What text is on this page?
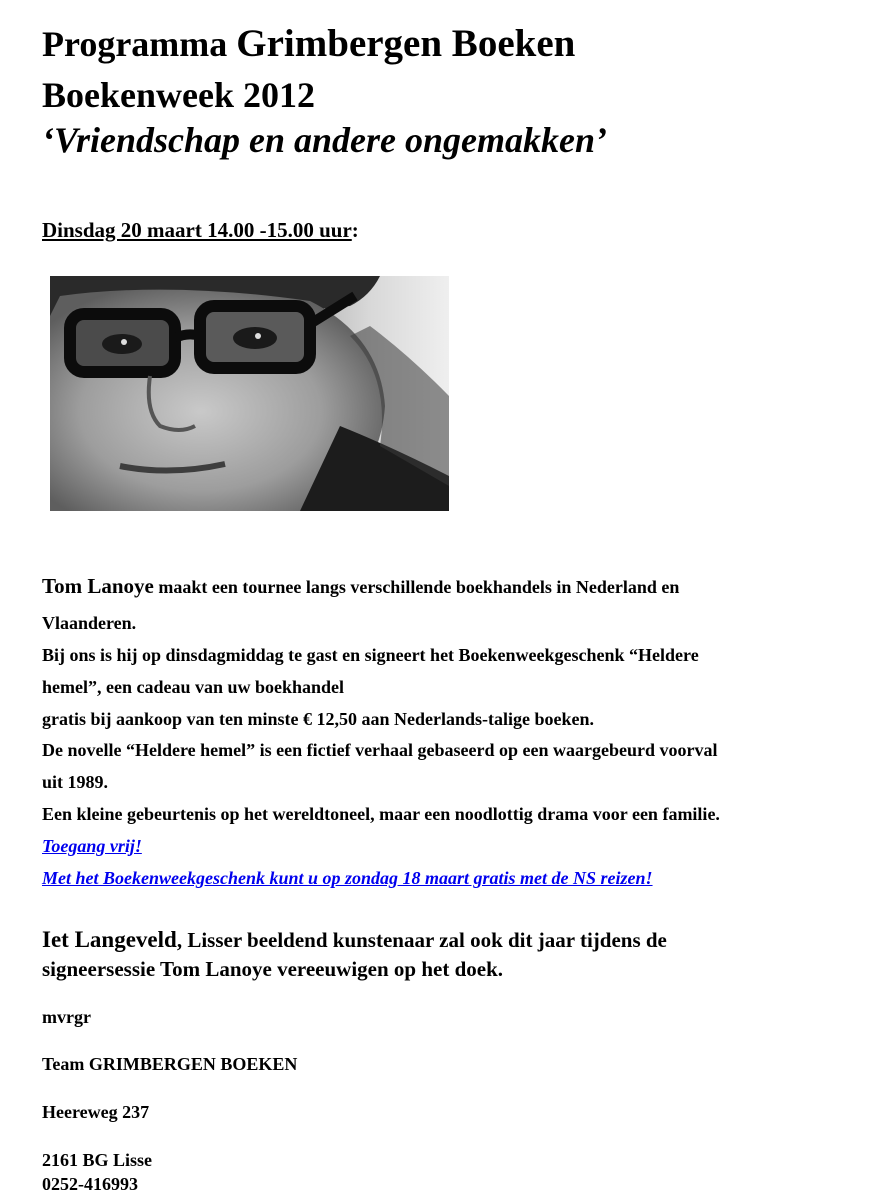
Programma Grimbergen Boeken
Boekenweek 2012
‘Vriendschap en andere ongemakken’
Dinsdag 20 maart 14.00 -15.00 uur:
Tom Lanoye maakt een tournee langs verschillende boekhandels in Nederland en
Vlaanderen.
Bij ons is hij op dinsdagmiddag te gast en signeert het Boekenweekgeschenk “Heldere
hemel”, een cadeau van uw boekhandel
gratis bij aankoop van ten minste € 12,50 aan Nederlands-talige boeken.
De novelle “Heldere hemel” is een fictief verhaal gebaseerd op een waargebeurd voorval
uit 1989.
Een kleine gebeurtenis op het wereldtoneel, maar een noodlottig drama voor een familie.
Toegang vrij!
Met het Boekenweekgeschenk kunt u op zondag 18 maart gratis met de NS reizen!
Iet Langeveld, Lisser beeldend kunstenaar zal ook dit jaar tijdens de
signeersessie Tom Lanoye vereeuwigen op het doek.
mvrgr
Team GRIMBERGEN BOEKEN
Heereweg 237
2161 BG Lisse
0252-416993
